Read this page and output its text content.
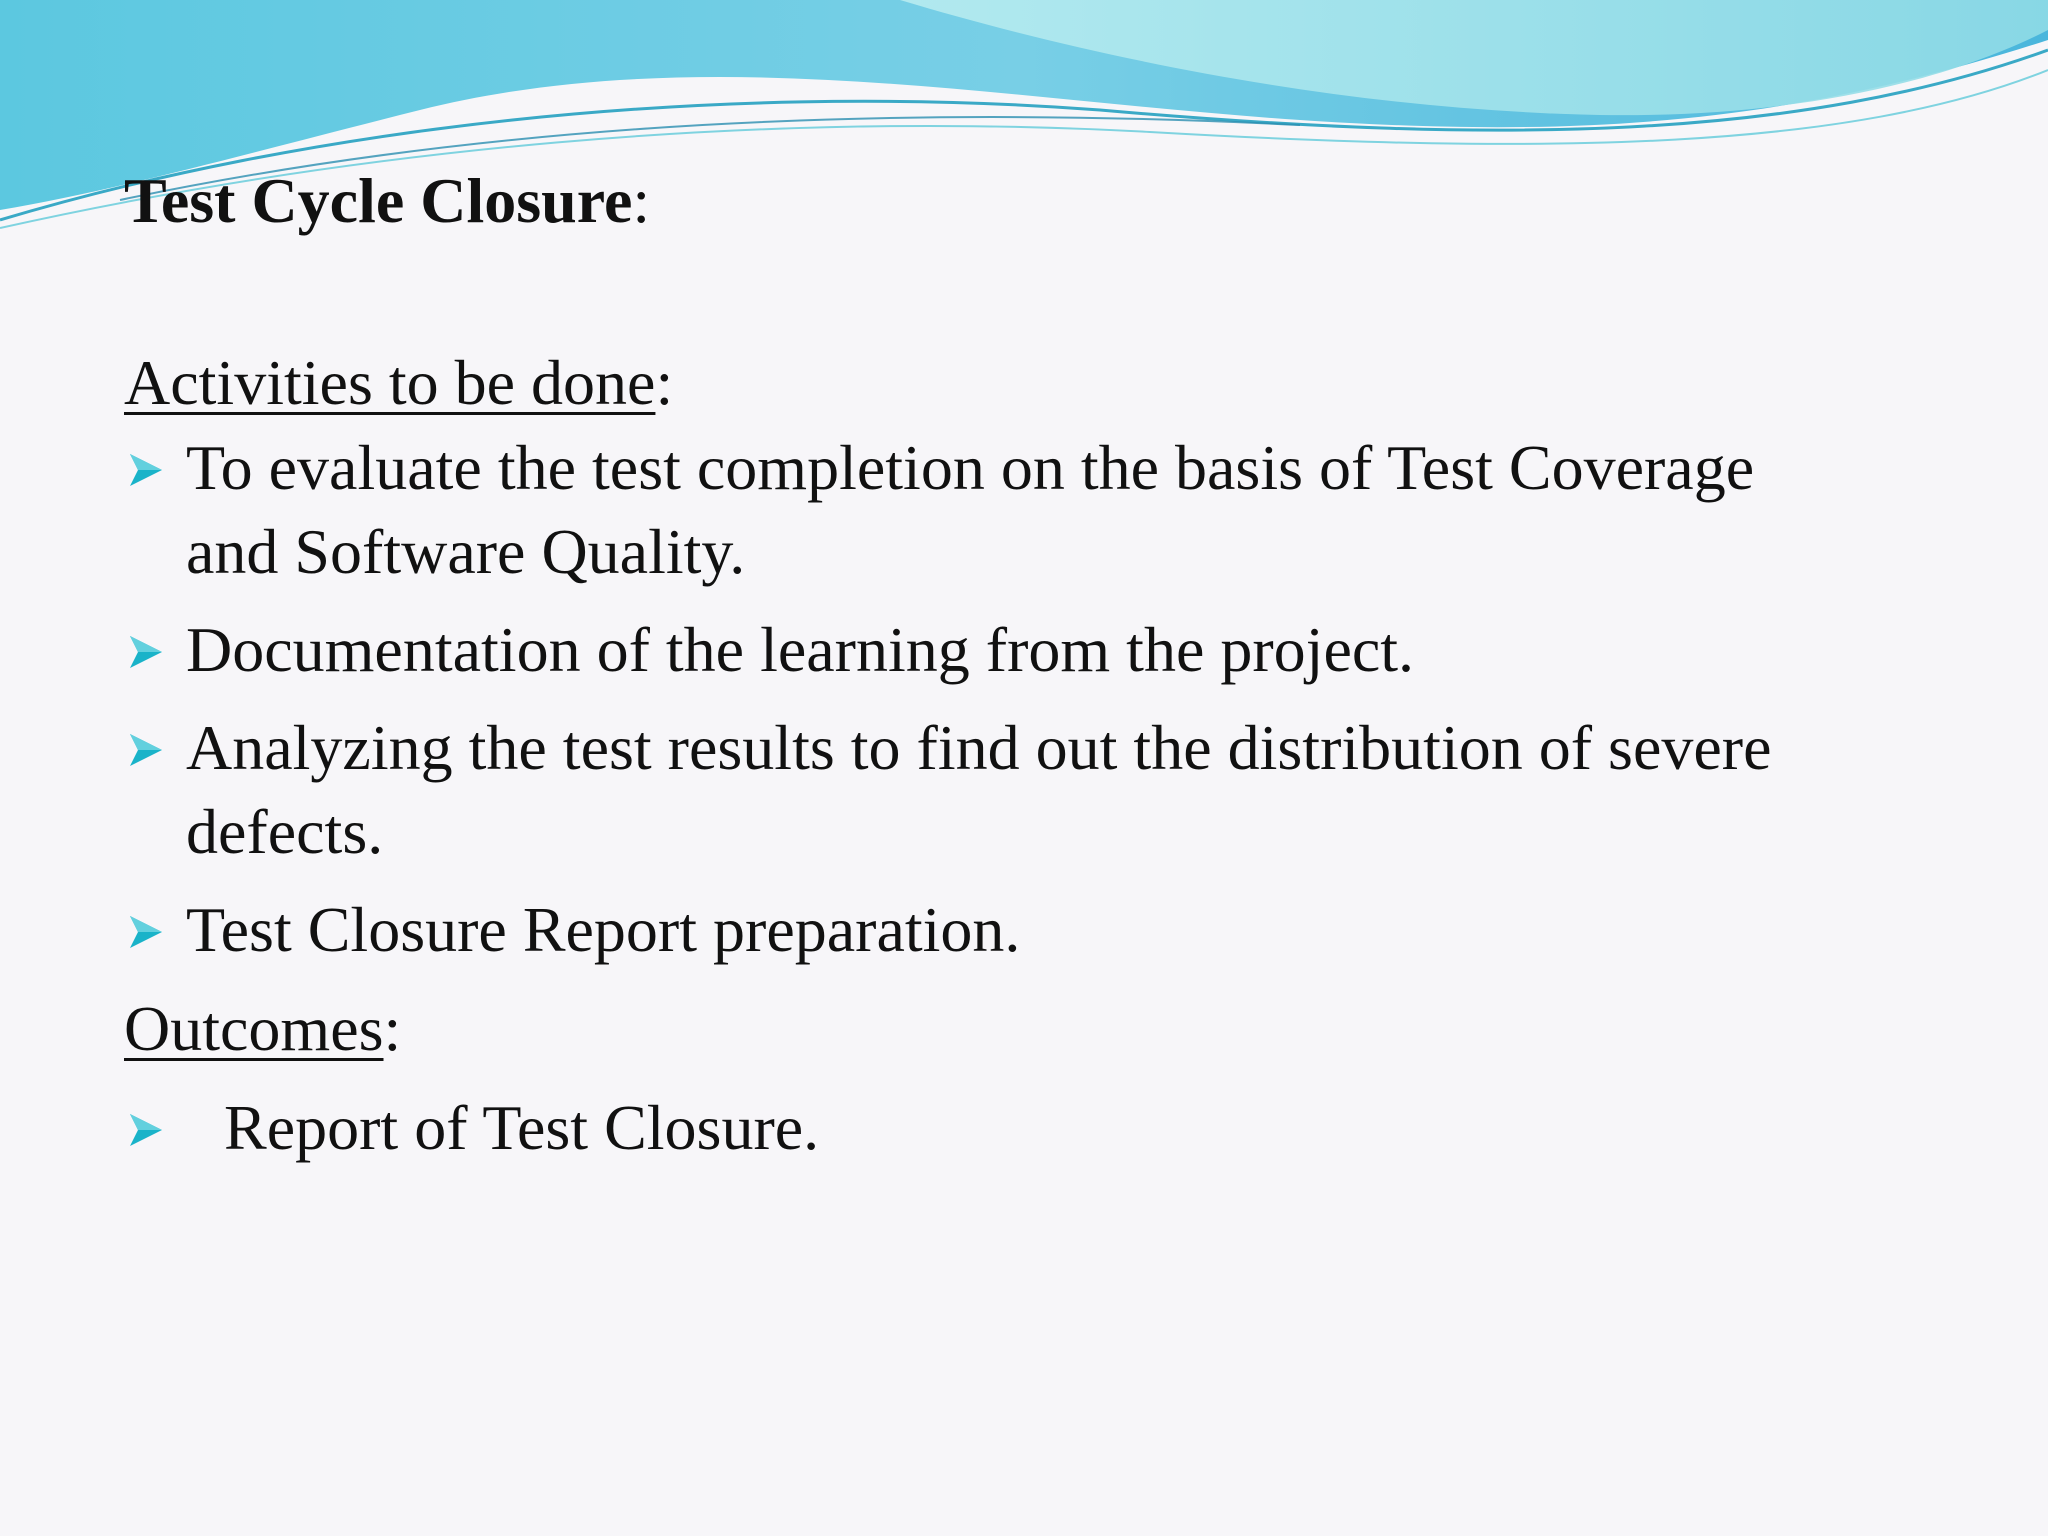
Test Cycle Closure:

Activities to be done:

To evaluate the test completion on the basis of Test Coverage
and Software Quality.
Documentation of the learning from the project.
Analyzing the test results to find out the distribution of severe
defects.
Test Closure Report preparation.

Outcomes:

Report of Test Closure.
